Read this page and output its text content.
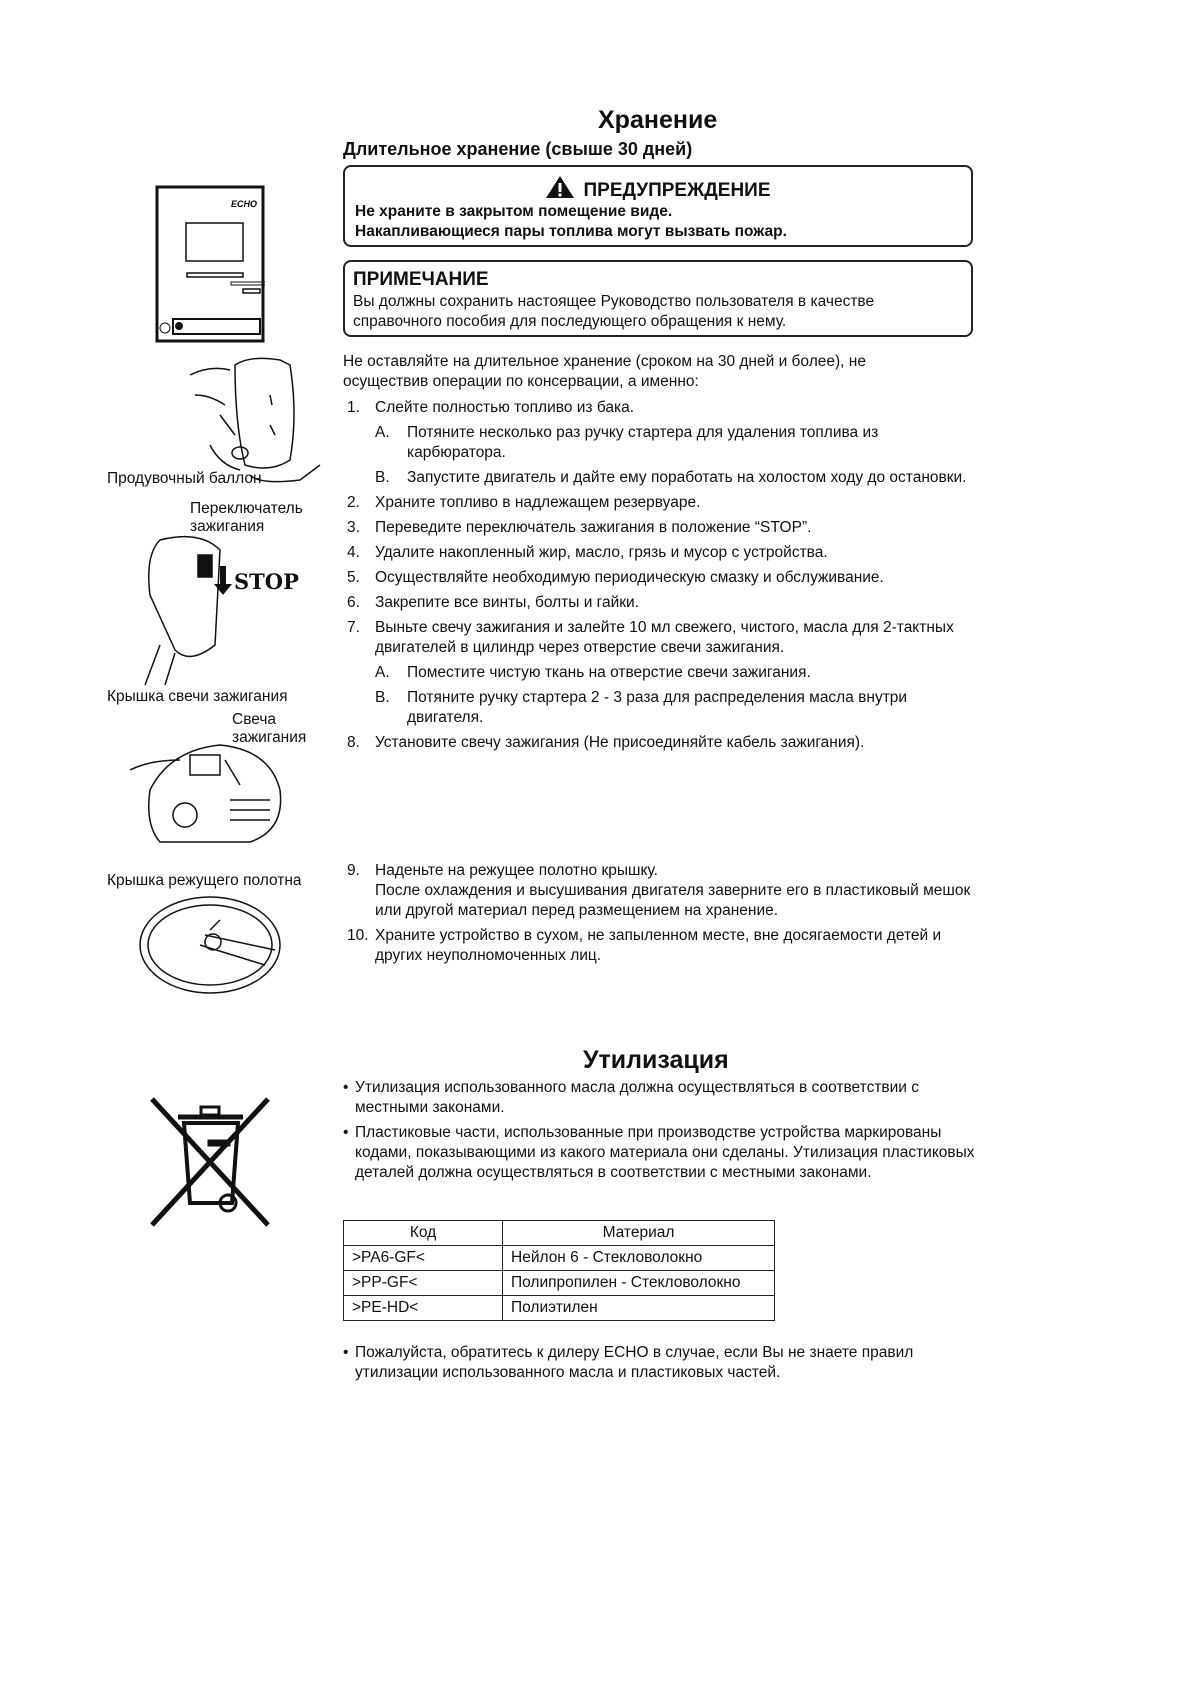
Хранение
Длительное хранение (свыше 30 дней)
ПРЕДУПРЕЖДЕНИЕ
Не храните в закрытом помещение виде.
Накапливающиеся пары топлива могут вызвать пожар.
ПРИМЕЧАНИЕ
Вы должны сохранить настоящее Руководство пользователя в качестве справочного пособия для последующего обращения к нему.
Не оставляйте на длительное хранение (сроком на 30 дней и более), не осуществив операции по консервации, а именно:
1. Слейте полностью топливо из бака.
A. Потяните несколько раз ручку стартера для удаления топлива из карбюратора.
B. Запустите двигатель и дайте ему поработать на холостом ходу до остановки.
2. Храните топливо в надлежащем резервуаре.
3. Переведите переключатель зажигания в положение “STOP”.
4. Удалите накопленный жир, масло, грязь и мусор с устройства.
5. Осуществляйте необходимую периодическую смазку и обслуживание.
6. Закрепите все винты, болты и гайки.
7. Выньте свечу зажигания и залейте 10 мл свежего, чистого, масла для 2-тактных двигателей в цилиндр через отверстие свечи зажигания.
A. Поместите чистую ткань на отверстие свечи зажигания.
B. Потяните ручку стартера 2 - 3 раза для распределения масла внутри двигателя.
8. Установите свечу зажигания (Не присоединяйте кабель зажигания).
9. Наденьте на режущее полотно крышку.
После охлаждения и высушивания двигателя заверните его в пластиковый мешок или другой материал перед размещением на хранение.
10. Храните устройство в сухом, не запыленном месте, вне досягаемости детей и других неуполномоченных лиц.
ECHO
Продувочный баллон
Переключатель зажигания
STOP
Крышка свечи зажигания
Свеча зажигания
Крышка режущего полотна
Утилизация
• Утилизация использованного масла должна осуществляться в соответствии с местными законами.
• Пластиковые части, использованные при производстве устройства маркированы кодами, показывающими из какого материала они сделаны. Утилизация пластиковых деталей должна осуществляться в соответствии с местными законами.
Код	Материал
>PA6-GF<	Нейлон 6 - Стекловолокно
>PP-GF<	Полипропилен - Стекловолокно
>PE-HD<	Полиэтилен
• Пожалуйста, обратитесь к дилеру ECHO в случае, если Вы не знаете правил утилизации использованного масла и пластиковых частей.
